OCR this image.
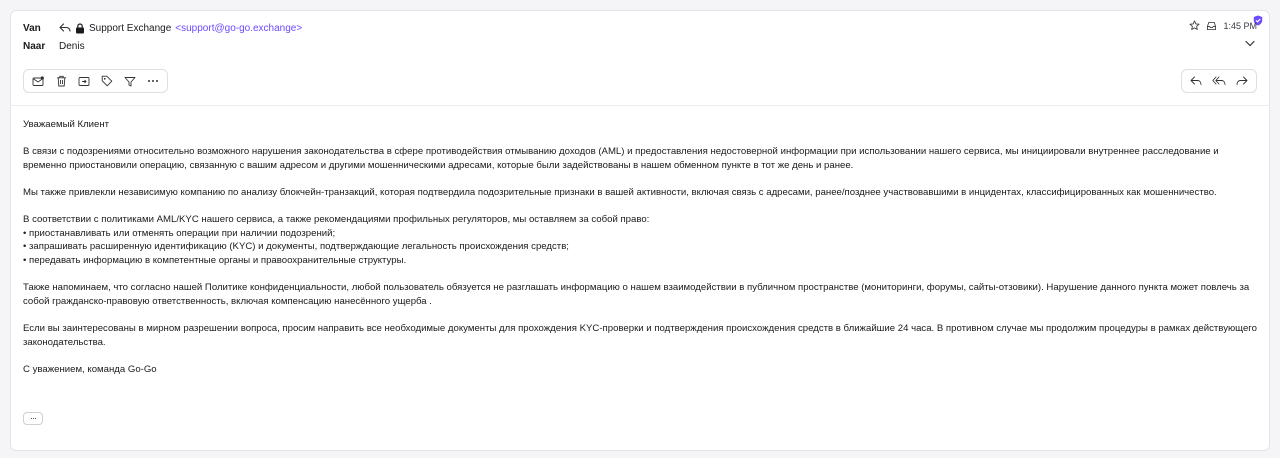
Van	Support Exchange <support@go-go.exchange>	1:45 PM
Naar	Denis

Уважаемый Клиент

В связи с подозрениями относительно возможного нарушения законодательства в сфере противодействия отмыванию доходов (AML) и предоставления недостоверной информации при использовании нашего сервиса, мы инициировали внутреннее расследование и временно приостановили операцию, связанную с вашим адресом и другими мошенническими адресами, которые были задействованы в нашем обменном пункте в тот же день и ранее.

Мы также привлекли независимую компанию по анализу блокчейн-транзакций, которая подтвердила подозрительные признаки в вашей активности, включая связь с адресами, ранее/позднее участвовавшими в инцидентах, классифицированных как мошенничество.

В соответствии с политиками AML/KYC нашего сервиса, а также рекомендациями профильных регуляторов, мы оставляем за собой право:

• приостанавливать или отменять операции при наличии подозрений;

• запрашивать расширенную идентификацию (KYC) и документы, подтверждающие легальность происхождения средств;

• передавать информацию в компетентные органы и правоохранительные структуры.

Также напоминаем, что согласно нашей Политике конфиденциальности, любой пользователь обязуется не разглашать информацию о нашем взаимодействии в публичном пространстве (мониторинги, форумы, сайты-отзовики). Нарушение данного пункта может повлечь за собой гражданско-правовую ответственность, включая компенсацию нанесённого ущерба .

Если вы заинтересованы в мирном разрешении вопроса, просим направить все необходимые документы для прохождения KYC-проверки и подтверждения происхождения средств в ближайшие 24 часа. В противном случае мы продолжим процедуры в рамках действующего законодательства.

С уважением, команда Go-Go

···
